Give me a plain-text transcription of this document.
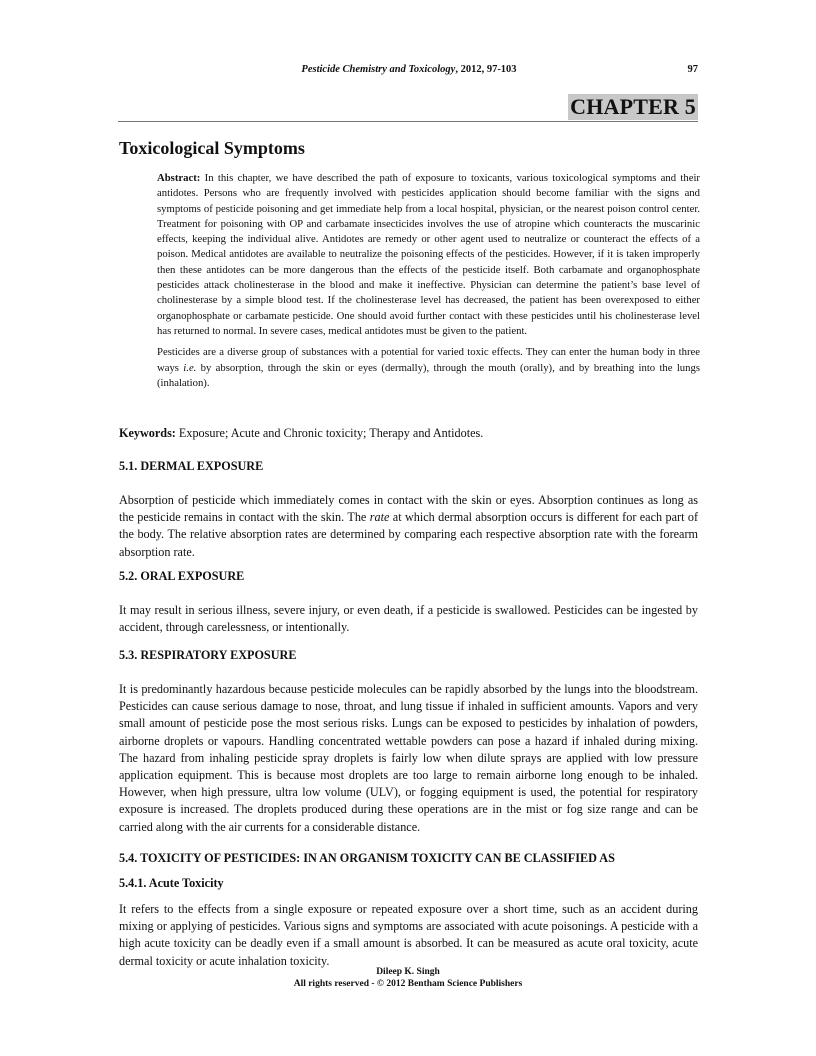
Pesticide Chemistry and Toxicology, 2012, 97-103	97
CHAPTER 5
Toxicological Symptoms

Abstract: In this chapter, we have described the path of exposure to toxicants, various toxicological symptoms and their antidotes. Persons who are frequently involved with pesticides application should become familiar with the signs and symptoms of pesticide poisoning and get immediate help from a local hospital, physician, or the nearest poison control center. Treatment for poisoning with OP and carbamate insecticides involves the use of atropine which counteracts the muscarinic effects, keeping the individual alive. Antidotes are remedy or other agent used to neutralize or counteract the effects of a poison. Medical antidotes are available to neutralize the poisoning effects of the pesticides. However, if it is taken improperly then these antidotes can be more dangerous than the effects of the pesticide itself. Both carbamate and organophosphate pesticides attack cholinesterase in the blood and make it ineffective. Physician can determine the patient’s base level of cholinesterase by a simple blood test. If the cholinesterase level has decreased, the patient has been overexposed to either organophosphate or carbamate pesticide. One should avoid further contact with these pesticides until his cholinesterase level has returned to normal. In severe cases, medical antidotes must be given to the patient.

Pesticides are a diverse group of substances with a potential for varied toxic effects. They can enter the human body in three ways i.e. by absorption, through the skin or eyes (dermally), through the mouth (orally), and by breathing into the lungs (inhalation).

Keywords: Exposure; Acute and Chronic toxicity; Therapy and Antidotes.
5.1. DERMAL EXPOSURE
Absorption of pesticide which immediately comes in contact with the skin or eyes. Absorption continues as long as the pesticide remains in contact with the skin. The rate at which dermal absorption occurs is different for each part of the body. The relative absorption rates are determined by comparing each respective absorption rate with the forearm absorption rate.
5.2. ORAL EXPOSURE
It may result in serious illness, severe injury, or even death, if a pesticide is swallowed. Pesticides can be ingested by accident, through carelessness, or intentionally.
5.3. RESPIRATORY EXPOSURE
It is predominantly hazardous because pesticide molecules can be rapidly absorbed by the lungs into the bloodstream. Pesticides can cause serious damage to nose, throat, and lung tissue if inhaled in sufficient amounts. Vapors and very small amount of pesticide pose the most serious risks. Lungs can be exposed to pesticides by inhalation of powders, airborne droplets or vapours. Handling concentrated wettable powders can pose a hazard if inhaled during mixing. The hazard from inhaling pesticide spray droplets is fairly low when dilute sprays are applied with low pressure application equipment. This is because most droplets are too large to remain airborne long enough to be inhaled. However, when high pressure, ultra low volume (ULV), or fogging equipment is used, the potential for respiratory exposure is increased. The droplets produced during these operations are in the mist or fog size range and can be carried along with the air currents for a considerable distance.
5.4. TOXICITY OF PESTICIDES: IN AN ORGANISM TOXICITY CAN BE CLASSIFIED AS
5.4.1. Acute Toxicity
It refers to the effects from a single exposure or repeated exposure over a short time, such as an accident during mixing or applying of pesticides. Various signs and symptoms are associated with acute poisonings. A pesticide with a high acute toxicity can be deadly even if a small amount is absorbed. It can be measured as acute oral toxicity, acute dermal toxicity or acute inhalation toxicity.
Dileep K. Singh
All rights reserved - © 2012 Bentham Science Publishers
